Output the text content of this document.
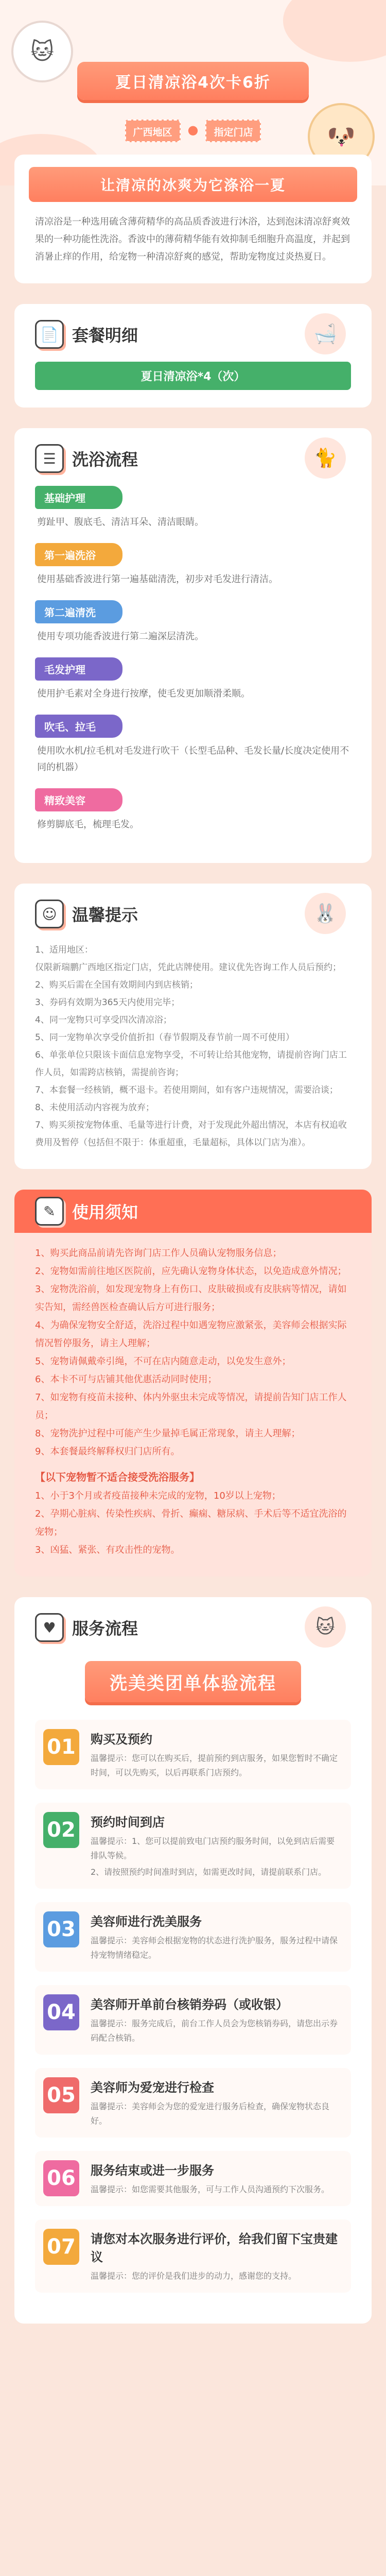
🐱
🐶
夏日清凉浴4次卡6折
广西地区	●	指定门店
让清凉的冰爽为它涤浴一夏

清凉浴是一种选用硫含薄荷精华的高品质香波进行沐浴，达到泡沫清凉舒爽效果的一种功能性洗浴。香波中的薄荷精华能有效抑制毛细胞升高温度，并起到消暑止痒的作用，给宠物一种清凉舒爽的感觉，帮助宠物度过炎热夏日。

📄 套餐明细	🛁
夏日清凉浴*4（次）
☰ 洗浴流程	🐈
基础护理
剪趾甲、腹底毛、清洁耳朵、清洁眼睛。
第一遍洗浴
使用基础香波进行第一遍基础清洗，初步对毛发进行清洁。
第二遍清洗
使用专项功能香波进行第二遍深层清洗。
毛发护理
使用护毛素对全身进行按摩，使毛发更加顺滑柔顺。
吹毛、拉毛
使用吹水机/拉毛机对毛发进行吹干（长型毛品种、毛发长量/长度决定使用不同的机器）
精致美容
修剪脚底毛，梳理毛发。
☺ 温馨提示	🐰

1、适用地区：

仅限新瑞鹏广西地区指定门店，凭此店牌使用。建议优先咨询工作人员后预约；

2、购买后需在全国有效期间内到店核销；

3、券码有效期为365天内使用完毕；

4、同一宠物只可享受四次清凉浴；

5、同一宠物单次享受价值折扣（春节假期及春节前一周不可使用）

6、单张单位只限该卡面信息宠物享受，不可转让给其他宠物，请提前咨询门店工作人员，如需跨店核销，需提前咨询；

7、本套餐一经核销，概不退卡。若使用期间，如有客户违规情况，需要洽谈；

8、未使用活动内容视为放弃；

7、购买须按宠物体重、毛量等进行计费，对于发现此外超出情况，本店有权追收费用及暂停（包括但不限于：体重超重，毛量超标，具体以门店为准）。

✎	使用须知

1、购买此商品前请先咨询门店工作人员确认宠物服务信息；

2、宠物如需前往地区医院前，应先确认宠物身体状态，以免造成意外情况；

3、宠物洗浴前，如发现宠物身上有伤口、皮肤破损或有皮肤病等情况，请如实告知，需经兽医检查确认后方可进行服务；

4、为确保宠物安全舒适，洗浴过程中如遇宠物应激紧张，美容师会根据实际情况暂停服务，请主人理解；

5、宠物请佩戴牵引绳，不可在店内随意走动，以免发生意外；

6、本卡不可与店铺其他优惠活动同时使用；

7、如宠物有疫苗未接种、体内外驱虫未完成等情况，请提前告知门店工作人员；

8、宠物洗护过程中可能产生少量掉毛属正常现象，请主人理解；

9、本套餐最终解释权归门店所有。

【以下宠物暂不适合接受洗浴服务】

1、小于3个月或者疫苗接种未完成的宠物，10岁以上宠物；

2、孕期心脏病、传染性疾病、骨折、癫痫、糖尿病、手术后等不适宜洗浴的宠物；

3、凶猛、紧张、有攻击性的宠物。

♥ 服务流程	🐱
洗美类团单体验流程
01 购买及预约

温馨提示：您可以在购买后，提前预约到店服务，如果您暂时不确定时间，可以先购买，以后再联系门店预约。

02 预约时间到店

温馨提示：1、您可以提前致电门店预约服务时间，以免到店后需要排队等候。

2、请按照预约时间准时到店，如需更改时间，请提前联系门店。

03 美容师进行洗美服务

温馨提示：美容师会根据宠物的状态进行洗护服务，服务过程中请保持宠物情绪稳定。

04 美容师开单前台核销券码（或收银）

温馨提示：服务完成后，前台工作人员会为您核销券码，请您出示券码配合核销。

05 美容师为爱宠进行检查

温馨提示：美容师会为您的爱宠进行服务后检查，确保宠物状态良好。

06 服务结束或进一步服务

温馨提示：如您需要其他服务，可与工作人员沟通预约下次服务。

07 请您对本次服务进行评价，给我们留下宝贵建议

温馨提示：您的评价是我们进步的动力，感谢您的支持。
